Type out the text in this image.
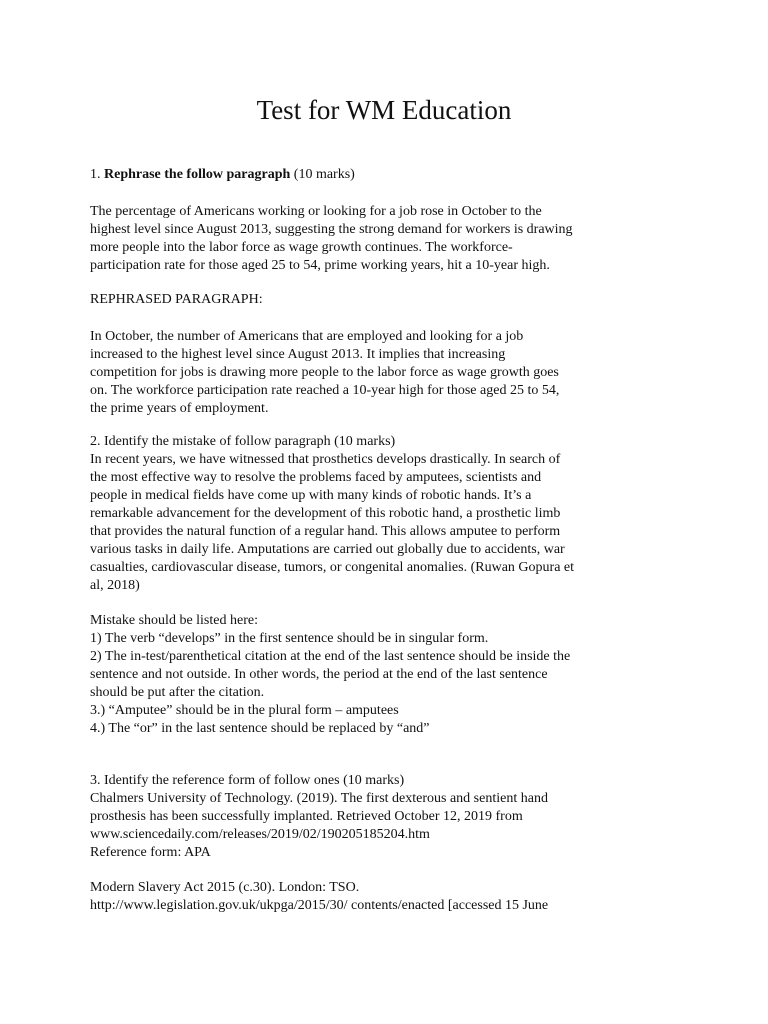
Test for WM Education
1. Rephrase the follow paragraph (10 marks)
The percentage of Americans working or looking for a job rose in October to the
highest level since August 2013, suggesting the strong demand for workers is drawing
more people into the labor force as wage growth continues. The workforce-
participation rate for those aged 25 to 54, prime working years, hit a 10-year high.
REPHRASED PARAGRAPH:
In October, the number of Americans that are employed and looking for a job
increased to the highest level since August 2013. It implies that increasing
competition for jobs is drawing more people to the labor force as wage growth goes
on. The workforce participation rate reached a 10-year high for those aged 25 to 54,
the prime years of employment.
2. Identify the mistake of follow paragraph (10 marks)
In recent years, we have witnessed that prosthetics develops drastically. In search of
the most effective way to resolve the problems faced by amputees, scientists and
people in medical fields have come up with many kinds of robotic hands. It’s a
remarkable advancement for the development of this robotic hand, a prosthetic limb
that provides the natural function of a regular hand. This allows amputee to perform
various tasks in daily life. Amputations are carried out globally due to accidents, war
casualties, cardiovascular disease, tumors, or congenital anomalies. (Ruwan Gopura et
al, 2018)
Mistake should be listed here:
1) The verb “develops” in the first sentence should be in singular form.
2) The in-test/parenthetical citation at the end of the last sentence should be inside the
sentence and not outside. In other words, the period at the end of the last sentence
should be put after the citation.
3.) “Amputee” should be in the plural form – amputees
4.) The “or” in the last sentence should be replaced by “and”
3. Identify the reference form of follow ones (10 marks)
Chalmers University of Technology. (2019). The first dexterous and sentient hand
prosthesis has been successfully implanted. Retrieved October 12, 2019 from
www.sciencedaily.com/releases/2019/02/190205185204.htm
Reference form: APA
Modern Slavery Act 2015 (c.30). London: TSO.
http://www.legislation.gov.uk/ukpga/2015/30/ contents/enacted [accessed 15 June
